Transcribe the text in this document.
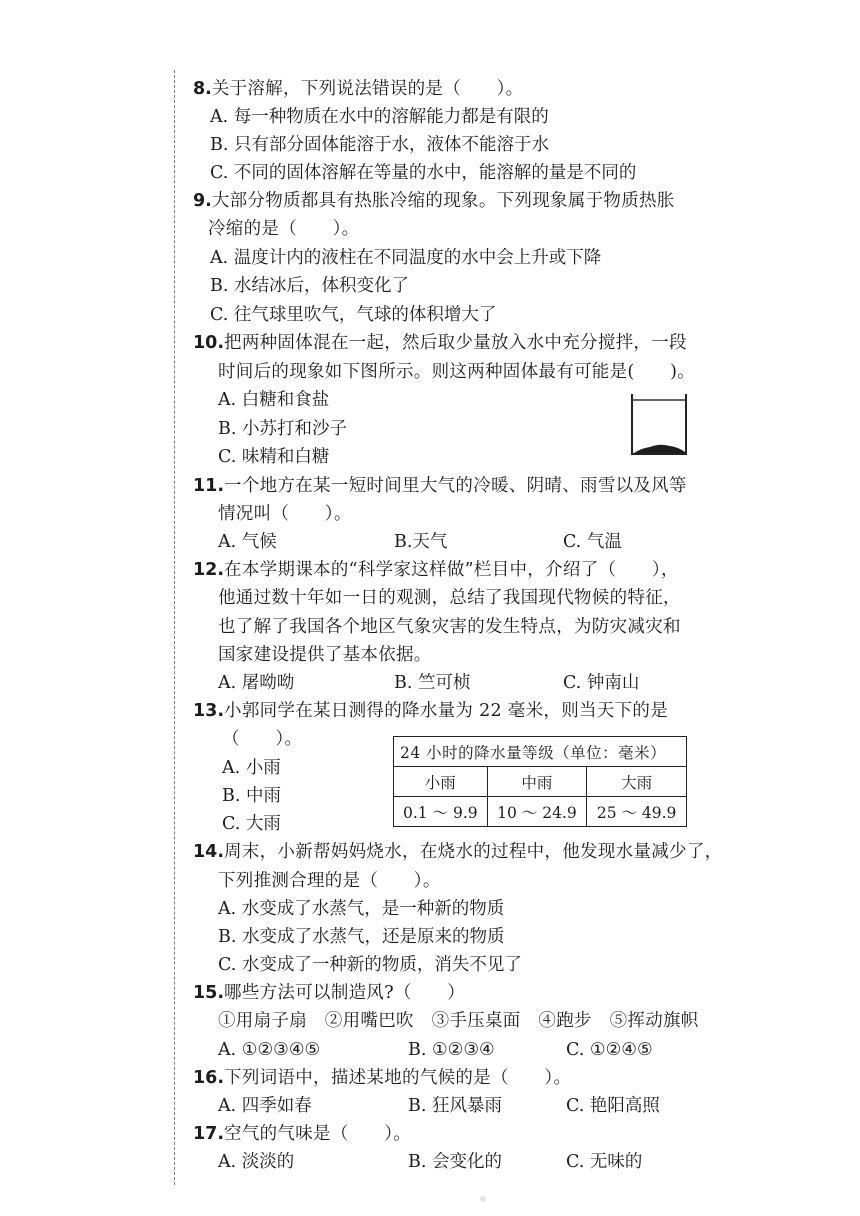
8.关于溶解，下列说法错误的是（　　）。
A. 每一种物质在水中的溶解能力都是有限的
B. 只有部分固体能溶于水，液体不能溶于水
C. 不同的固体溶解在等量的水中，能溶解的量是不同的
9.大部分物质都具有热胀冷缩的现象。下列现象属于物质热胀
冷缩的是（　　）。
A. 温度计内的液柱在不同温度的水中会上升或下降
B. 水结冰后，体积变化了
C. 往气球里吹气，气球的体积增大了
10.把两种固体混在一起，然后取少量放入水中充分搅拌，一段
时间后的现象如下图所示。则这两种固体最有可能是(　　)。
A. 白糖和食盐
B. 小苏打和沙子
C. 味精和白糖
11.一个地方在某一短时间里大气的冷暖、阴晴、雨雪以及风等
情况叫（　　）。
A. 气候	B.天气	C. 气温
12.在本学期课本的“科学家这样做”栏目中，介绍了（　　），
他通过数十年如一日的观测，总结了我国现代物候的特征，
也了解了我国各个地区气象灾害的发生特点，为防灾减灾和
国家建设提供了基本依据。
A. 屠呦呦	B. 竺可桢	C. 钟南山
13.小郭同学在某日测得的降水量为 22 毫米，则当天下的是
（　　）。
A. 小雨
B. 中雨
C. 大雨
24 小时的降水量等级（单位：毫米）		
小雨	中雨	大雨
0.1 ～ 9.9	10 ～ 24.9	25 ～ 49.9
14.周末，小新帮妈妈烧水，在烧水的过程中，他发现水量减少了，
下列推测合理的是（　　）。
A. 水变成了水蒸气，是一种新的物质
B. 水变成了水蒸气，还是原来的物质
C. 水变成了一种新的物质，消失不见了
15.哪些方法可以制造风?（　　）
①用扇子扇　②用嘴巴吹　③手压桌面　④跑步　⑤挥动旗帜
A. ①②③④⑤	B. ①②③④	C. ①②④⑤
16.下列词语中，描述某地的气候的是（　　）。
A. 四季如春	B. 狂风暴雨	C. 艳阳高照
17.空气的气味是（　　）。
A. 淡淡的	B. 会变化的	C. 无味的
